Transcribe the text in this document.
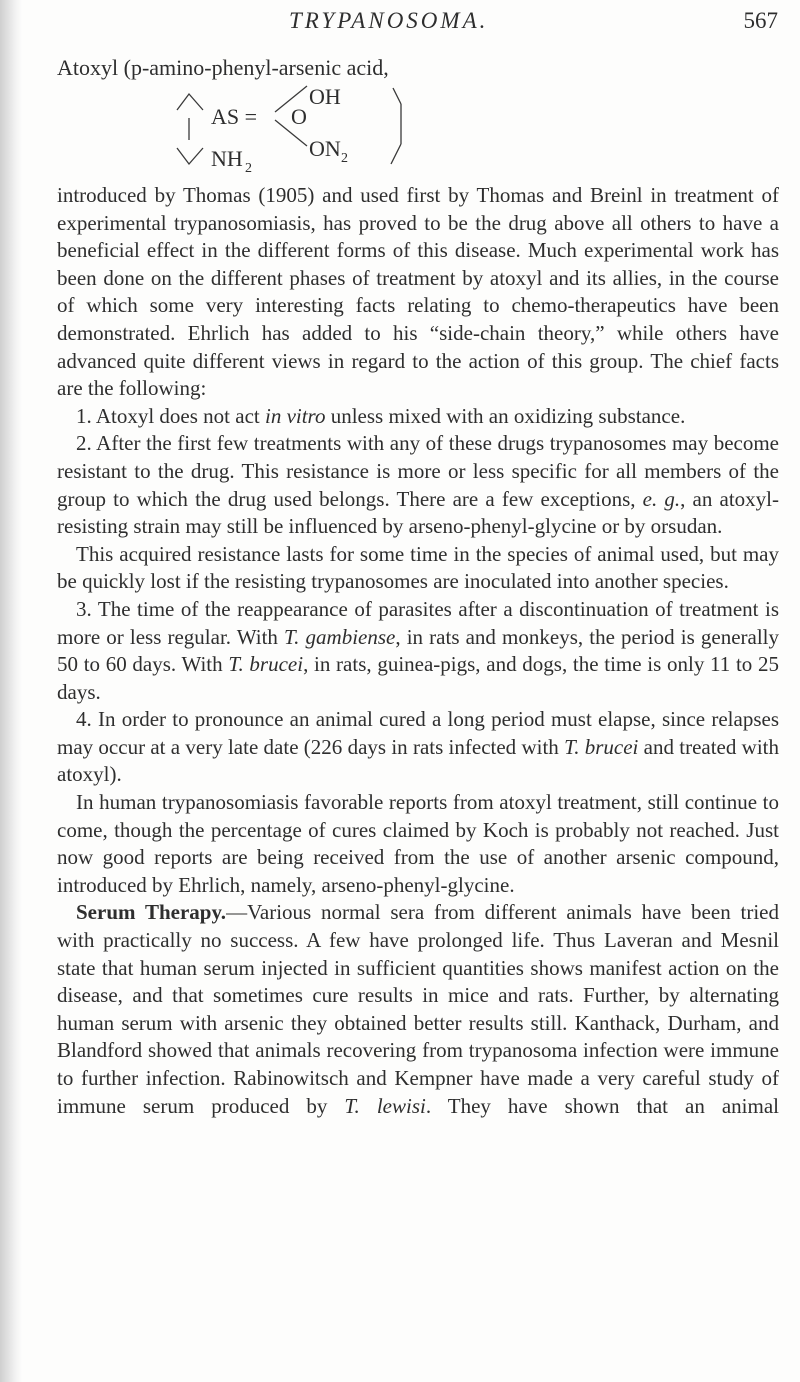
TRYPANOSOMA.	567
Atoxyl (p-amino-phenyl-arsenic acid,
AS =
OH
O
ON 2
NH 2

introduced by Thomas (1905) and used first by Thomas and Breinl in treatment of experimental trypanosomiasis, has proved to be the drug above all others to have a beneficial effect in the different forms of this disease. Much experimental work has been done on the different phases of treatment by atoxyl and its allies, in the course of which some very interesting facts relating to chemo-therapeutics have been demonstrated. Ehrlich has added to his “side-chain theory,” while others have advanced quite different views in regard to the action of this group. The chief facts are the following:

1. Atoxyl does not act in vitro unless mixed with an oxidizing substance.

2. After the first few treatments with any of these drugs trypanosomes may become resistant to the drug. This resistance is more or less specific for all members of the group to which the drug used belongs. There are a few exceptions, e. g., an atoxyl-resisting strain may still be influenced by arseno-phenyl-glycine or by orsudan.

This acquired resistance lasts for some time in the species of animal used, but may be quickly lost if the resisting trypanosomes are inoculated into another species.

3. The time of the reappearance of parasites after a discontinuation of treatment is more or less regular. With T. gambiense, in rats and monkeys, the period is generally 50 to 60 days. With T. brucei, in rats, guinea-pigs, and dogs, the time is only 11 to 25 days.

4. In order to pronounce an animal cured a long period must elapse, since relapses may occur at a very late date (226 days in rats infected with T. brucei and treated with atoxyl).

In human trypanosomiasis favorable reports from atoxyl treatment, still continue to come, though the percentage of cures claimed by Koch is probably not reached. Just now good reports are being received from the use of another arsenic compound, introduced by Ehrlich, namely, arseno-phenyl-glycine.

Serum Therapy.—Various normal sera from different animals have been tried with practically no success. A few have prolonged life. Thus Laveran and Mesnil state that human serum injected in sufficient quantities shows manifest action on the disease, and that sometimes cure results in mice and rats. Further, by alternating human serum with arsenic they obtained better results still. Kanthack, Durham, and Blandford showed that animals recovering from trypanosoma infection were immune to further infection. Rabinowitsch and Kempner have made a very careful study of immune serum produced by T. lewisi. They have shown that an animal
